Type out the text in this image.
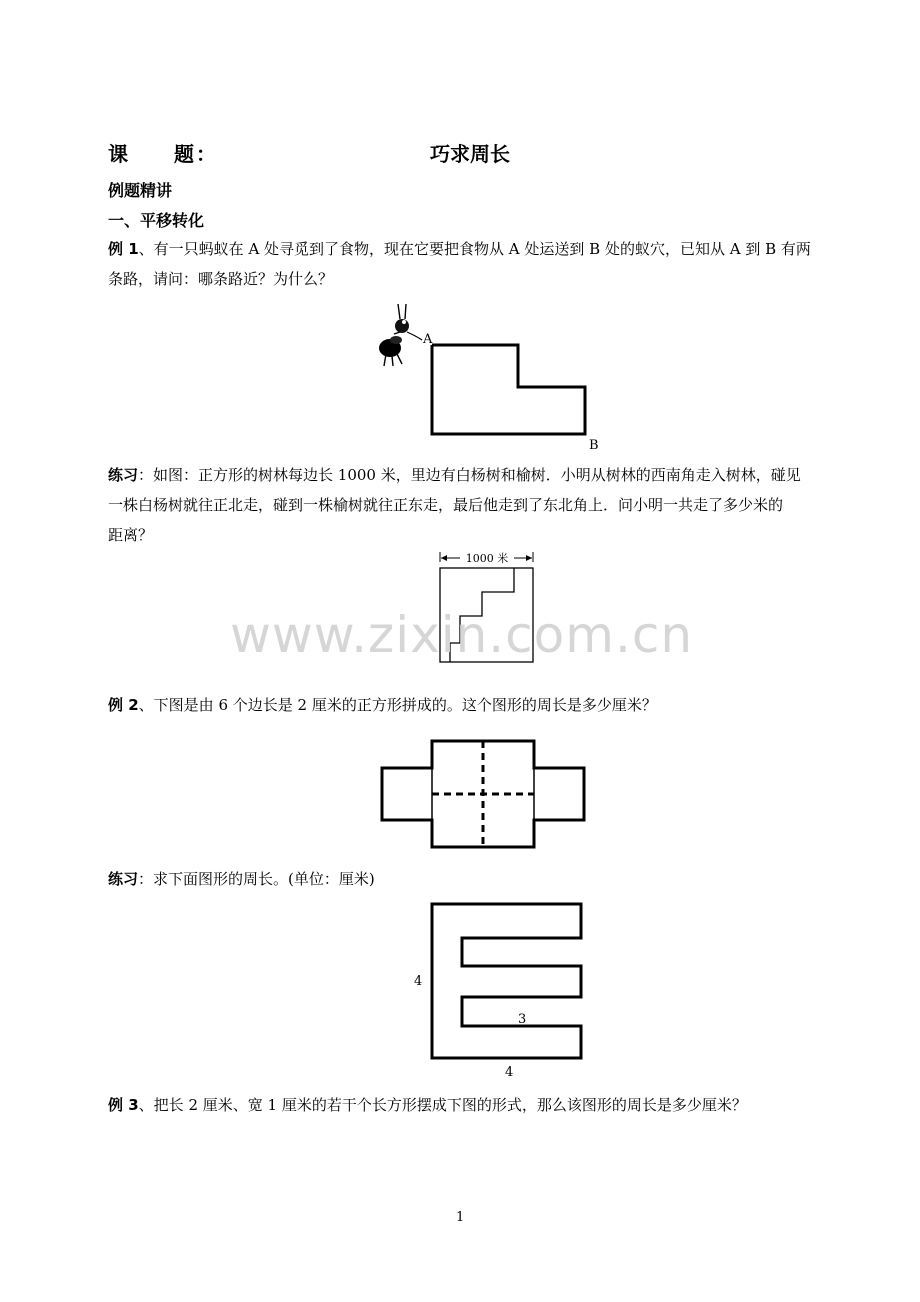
课　　题：	巧求周长
例题精讲
一、平移转化
例 1、有一只蚂蚁在 A 处寻觅到了食物，现在它要把食物从 A 处运送到 B 处的蚁穴，已知从 A 到 B 有两
条路，请问：哪条路近？为什么？
A
B
练习：如图：正方形的树林每边长 1000 米，里边有白杨树和榆树．小明从树林的西南角走入树林，碰见
一株白杨树就往正北走，碰到一株榆树就往正东走，最后他走到了东北角上．问小明一共走了多少米的
距离？
1000 米
www.zixin.com.cn
例 2、下图是由 6 个边长是 2 厘米的正方形拼成的。这个图形的周长是多少厘米？
练习：求下面图形的周长。(单位：厘米)
4
3
4
例 3、把长 2 厘米、宽 1 厘米的若干个长方形摆成下图的形式，那么该图形的周长是多少厘米？
1
